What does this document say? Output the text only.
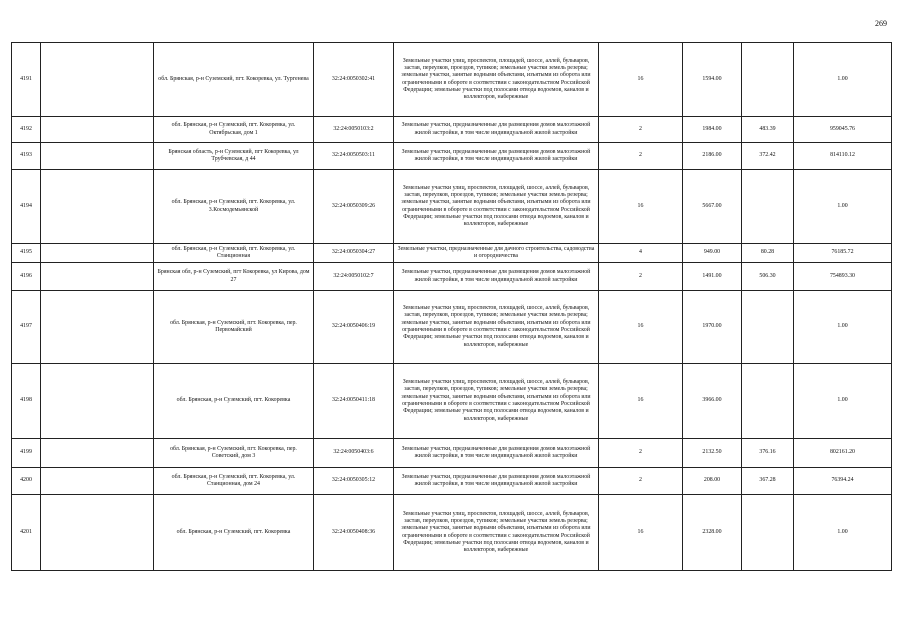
269
4191		обл. Брянская, р-н Суземский, пгт. Кокоревка, ул. Тургенева	32:24:0050302:41	Земельные участки улиц, проспектов, площадей, шоссе, аллей, бульваров, застав, переулков, проездов, тупиков; земельные участки земель резерва; земельные участки, занятые водными объектами, изъятыми из оборота или ограниченными в обороте в соответствии с законодательством Российской Федерации; земельные участки под полосами отвода водоемов, каналов и коллекторов, набережные	16	1594.00		1.00
4192		обл. Брянская, р-н Суземский, пгт. Кокоревка, ул. Октябрьская, дом 1	32:24:0050103:2	Земельные участки, предназначенные для размещения домов малоэтажной жилой застройки, в том числе индивидуальной жилой застройки	2	1984.00	483.39	959045.76
4193		Брянская область, р-н Суземский, пгт Кокоревка, ул Трубчевская, д 44	32:24:0050503:11	Земельные участки, предназначенные для размещения домов малоэтажной жилой застройки, в том числе индивидуальной жилой застройки	2	2186.00	372.42	814110.12
4194		обл. Брянская, р-н Суземский, пгт. Кокоревка, ул. 3.Космодемьянской	32:24:0050309:26	Земельные участки улиц, проспектов, площадей, шоссе, аллей, бульваров, застав, переулков, проездов, тупиков; земельные участки земель резерва; земельные участки, занятые водными объектами, изъятыми из оборота или ограниченными в обороте в соответствии с законодательством Российской Федерации; земельные участки под полосами отвода водоемов, каналов и коллекторов, набережные	16	5667.00		1.00
4195		обл. Брянская, р-н Суземский, пгт. Кокоревка, ул. Станционная	32:24:0050304:27	Земельные участки, предназначенные для дачного строительства, садоводства и огородничества	4	949.00	80.28	76185.72
4196		Брянская обл, р-н Суземский, пгт Кокоревка, ул Кирова, дом 27	32:24:0050102:7	Земельные участки, предназначенные для размещения домов малоэтажной жилой застройки, в том числе индивидуальной жилой застройки	2	1491.00	506.30	754893.30
4197		обл. Брянская, р-н Суземский, пгт. Кокоревка, пер. Первомайский	32:24:0050406:19	Земельные участки улиц, проспектов, площадей, шоссе, аллей, бульваров, застав, переулков, проездов, тупиков; земельные участки земель резерва; земельные участки, занятые водными объектами, изъятыми из оборота или ограниченными в обороте в соответствии с законодательством Российской Федерации; земельные участки под полосами отвода водоемов, каналов и коллекторов, набережные	16	1970.00		1.00
4198		обл. Брянская, р-н Суземский, пгт. Кокоревка	32:24:0050411:18	Земельные участки улиц, проспектов, площадей, шоссе, аллей, бульваров, застав, переулков, проездов, тупиков; земельные участки земель резерва; земельные участки, занятые водными объектами, изъятыми из оборота или ограниченными в обороте в соответствии с законодательством Российской Федерации; земельные участки под полосами отвода водоемов, каналов и коллекторов, набережные	16	3966.00		1.00
4199		обл. Брянская, р-н Суземский, пгт. Кокоревка, пер. Советский, дом 3	32:24:0050403:6	Земельные участки, предназначенные для размещения домов малоэтажной жилой застройки, в том числе индивидуальной жилой застройки	2	2132.50	376.16	802161.20
4200		обл. Брянская, р-н Суземский, пгт. Кокоревка, ул. Станционная, дом 24	32:24:0050305:12	Земельные участки, предназначенные для размещения домов малоэтажной жилой застройки, в том числе индивидуальной жилой застройки	2	208.00	367.28	76394.24
4201		обл. Брянская, р-н Суземский, пгт. Кокоревка	32:24:0050408:36	Земельные участки улиц, проспектов, площадей, шоссе, аллей, бульваров, застав, переулков, проездов, тупиков; земельные участки земель резерва; земельные участки, занятые водными объектами, изъятыми из оборота или ограниченными в обороте в соответствии с законодательством Российской Федерации; земельные участки под полосами отвода водоемов, каналов и коллекторов, набережные	16	2328.00		1.00
